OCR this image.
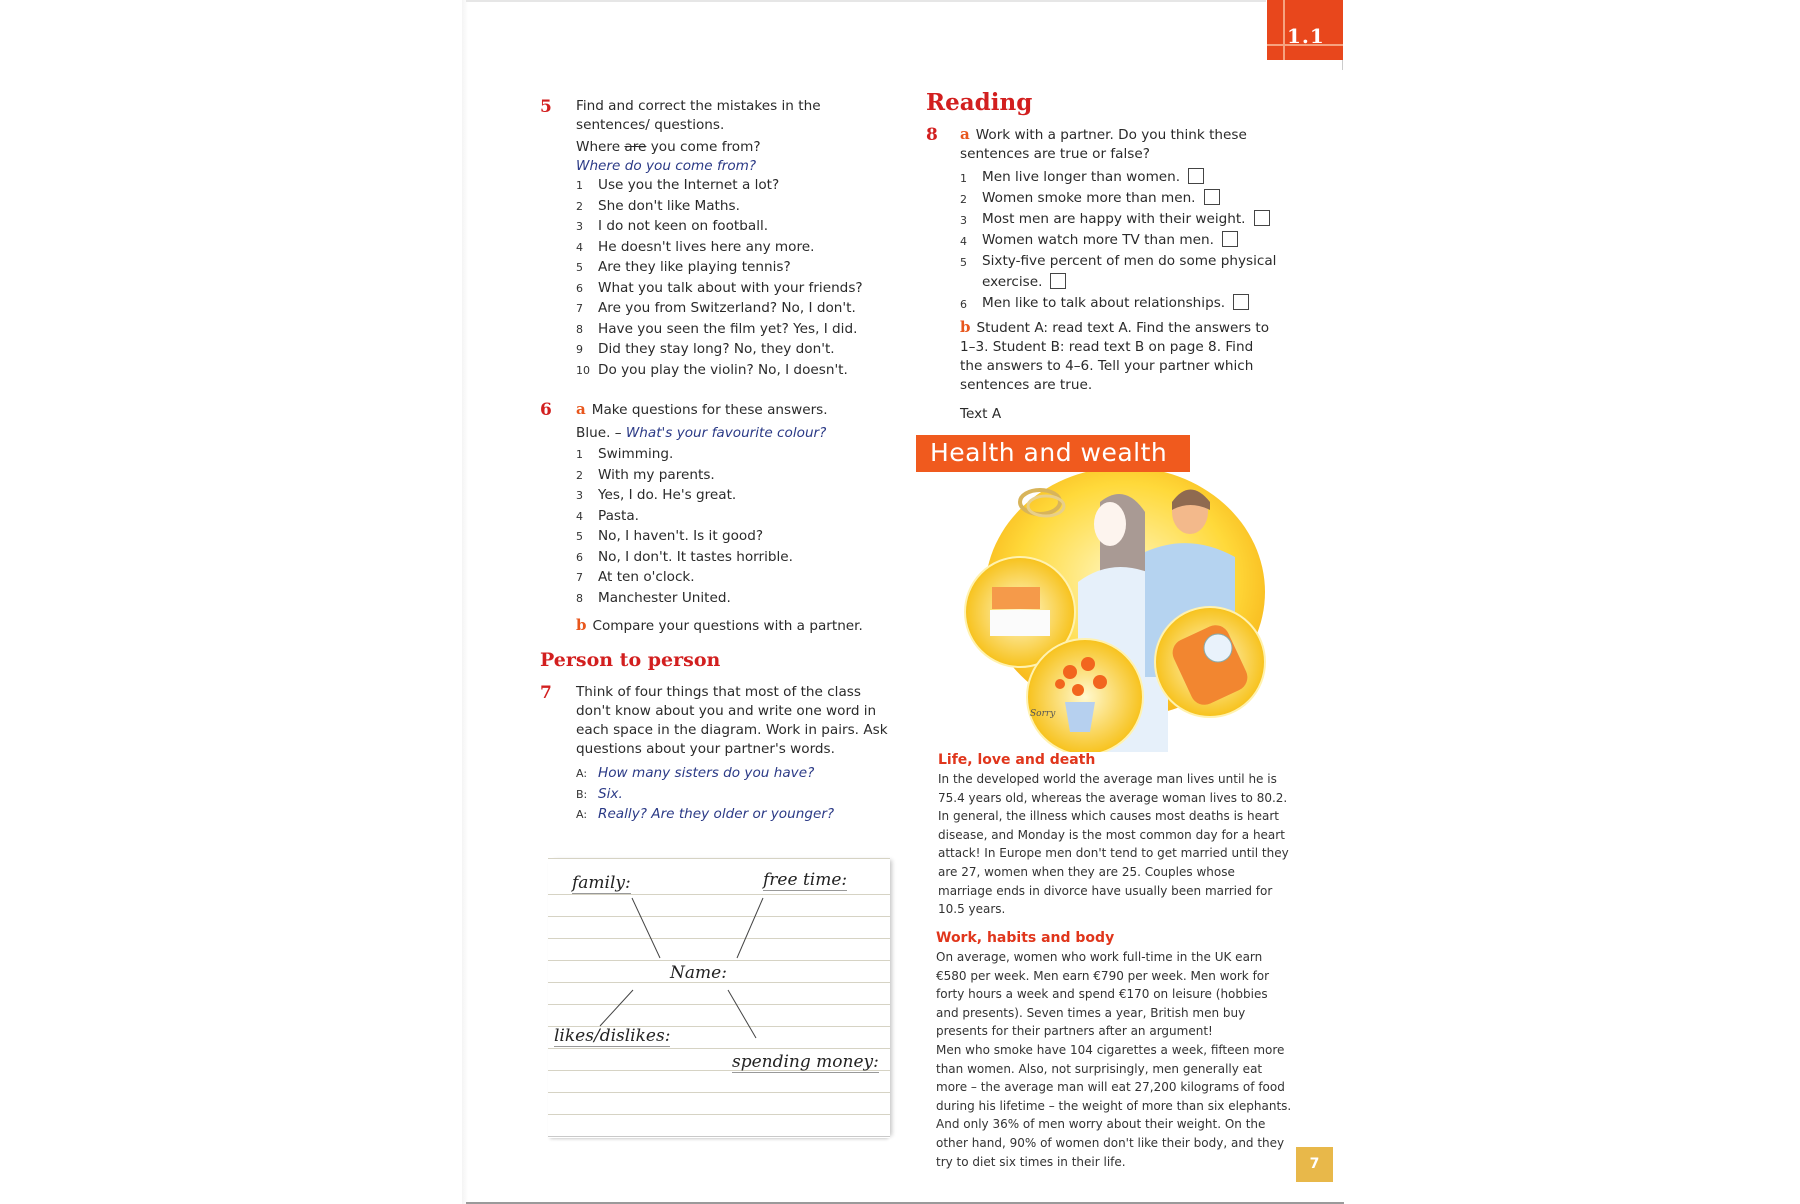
1.1
5 Find and correct the mistakes in the sentences/ questions.
Where are you come from?
Where do you come from?
1 Use you the Internet a lot?
2 She don't like Maths.
3 I do not keen on football.
4 He doesn't lives here any more.
5 Are they like playing tennis?
6 What you talk about with your friends?
7 Are you from Switzerland? No, I don't.
8 Have you seen the film yet? Yes, I did.
9 Did they stay long? No, they don't.
10 Do you play the violin? No, I doesn't.
6 a Make questions for these answers.
Blue. – What's your favourite colour?
1 Swimming.
2 With my parents.
3 Yes, I do. He's great.
4 Pasta.
5 No, I haven't. Is it good?
6 No, I don't. It tastes horrible.
7 At ten o'clock.
8 Manchester United.
b Compare your questions with a partner.
Person to person
7 Think of four things that most of the class don't know about you and write one word in each space in the diagram. Work in pairs. Ask questions about your partner's words.
A: How many sisters do you have?
B: Six.
A: Really? Are they older or younger?
family:	free time:
Name:
likes/dislikes:
spending money:
Reading
8 a Work with a partner. Do you think these sentences are true or false?
1 Men live longer than women.
2 Women smoke more than men.
3 Most men are happy with their weight.
4 Women watch more TV than men.
5 Sixty-five percent of men do some physical
exercise.
6 Men like to talk about relationships.
b Student A: read text A. Find the answers to 1–3. Student B: read text B on page 8. Find the answers to 4–6. Tell your partner which sentences are true.
Text A
Health and wealth
Sorry
Life, love and death
In the developed world the average man lives until he is 75.4 years old, whereas the average woman lives to 80.2. In general, the illness which causes most deaths is heart disease, and Monday is the most common day for a heart attack! In Europe men don't tend to get married until they are 27, women when they are 25. Couples whose marriage ends in divorce have usually been married for 10.5 years.
Work, habits and body
On average, women who work full-time in the UK earn €580 per week. Men earn €790 per week. Men work for forty hours a week and spend €170 on leisure (hobbies and presents). Seven times a year, British men buy presents for their partners after an argument!
Men who smoke have 104 cigarettes a week, fifteen more than women. Also, not surprisingly, men generally eat more – the average man will eat 27,200 kilograms of food during his lifetime – the weight of more than six elephants. And only 36% of men worry about their weight. On the other hand, 90% of women don't like their body, and they try to diet six times in their life.	7
